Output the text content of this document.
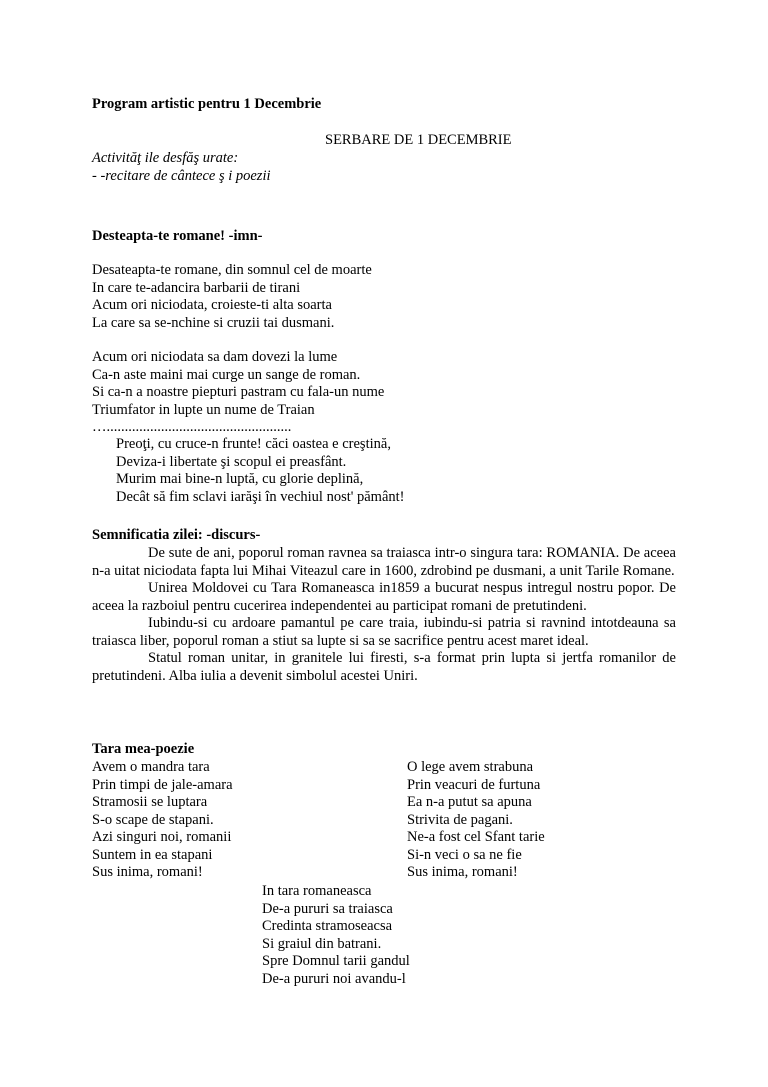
Program artistic pentru 1 Decembrie
SERBARE DE 1 DECEMBRIE
Activităţ ile desfăş urate:
- -recitare de cântece ş i poezii
Desteapta-te romane! -imn-
Desateapta-te romane, din somnul cel de moarte
In care te-adancira barbarii de tirani
Acum ori niciodata, croieste-ti alta soarta
La care sa se-nchine si cruzii tai dusmani.
Acum ori niciodata sa dam dovezi la lume
Ca-n aste maini mai curge un sange de roman.
Si ca-n a noastre piepturi pastram cu fala-un nume
Triumfator in lupte un nume de Traian
…...................................................
Preoţi, cu cruce-n frunte! căci oastea e creştină,
Deviza-i libertate şi scopul ei preasfânt.
Murim mai bine-n luptă, cu glorie deplină,
Decât să fim sclavi iarăşi în vechiul nost' pământ!
Semnificatia zilei: -discurs-

De sute de ani, poporul roman ravnea sa traiasca intr-o singura tara: ROMANIA. De aceea n-a uitat niciodata fapta lui Mihai Viteazul care in 1600, zdrobind pe dusmani, a unit Tarile Romane.

Unirea Moldovei cu Tara Romaneasca in1859 a bucurat nespus intregul nostru popor. De aceea la razboiul pentru cucerirea independentei au participat romani de pretutindeni.

Iubindu-si cu ardoare pamantul pe care traia, iubindu-si patria si ravnind intotdeauna sa traiasca liber, poporul roman a stiut sa lupte si sa se sacrifice pentru acest maret ideal.

Statul roman unitar, in granitele lui firesti, s-a format prin lupta si jertfa romanilor de pretutindeni. Alba iulia a devenit simbolul acestei Uniri.

Tara mea-poezie
Avem o mandra tara
Prin timpi de jale-amara
Stramosii se luptara
S-o scape de stapani.
Azi singuri noi, romanii
Suntem in ea stapani
Sus inima, romani!
O lege avem strabuna
Prin veacuri de furtuna
Ea n-a putut sa apuna
Strivita de pagani.
Ne-a fost cel Sfant tarie
Si-n veci o sa ne fie
Sus inima, romani!
In tara romaneasca
De-a pururi sa traiasca
Credinta stramoseacsa
Si graiul din batrani.
Spre Domnul tarii gandul
De-a pururi noi avandu-l
